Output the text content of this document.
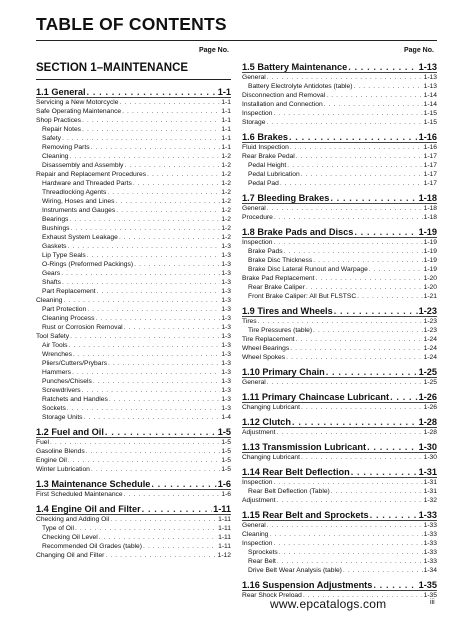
TABLE OF CONTENTS
Page No.	Page No.
SECTION 1–MAINTENANCE
1.1 General . . .	1-1
Servicing a New Motorcycle . . .	1-1
Safe Operating Maintenance . . .	1-1
Shop Practices . . .	1-1
Repair Notes . . .	1-1
Safety . . .	1-1
Removing Parts . . .	1-1
Cleaning . . .	1-2
Disassembly and Assembly . . .	1-2
Repair and Replacement Procedures . . .	1-2
Hardware and Threaded Parts . . .	1-2
Threadlocking Agents . . .	1-2
Wiring, Hoses and Lines . . .	1-2
Instruments and Gauges . . .	1-2
Bearings . . .	1-2
Bushings . . .	1-2
Exhaust System Leakage . . .	1-2
Gaskets . . .	1-3
Lip Type Seals . . .	1-3
O-Rings (Preformed Packings) . . .	1-3
Gears . . .	1-3
Shafts . . .	1-3
Part Replacement . . .	1-3
Cleaning . . .	1-3
Part Protection . . .	1-3
Cleaning Process . . .	1-3
Rust or Corrosion Removal . . .	1-3
Tool Safety . . .	1-3
Air Tools . . .	1-3
Wrenches . . .	1-3
Pliers/Cutters/Prybars . . .	1-3
Hammers . . .	1-3
Punches/Chisels . . .	1-3
Screwdrivers . . .	1-3
Ratchets and Handles . . .	1-3
Sockets . . .	1-3
Storage Units . . .	1-4
1.2 Fuel and Oil . . .	1-5
Fuel . . .	1-5
Gasoline Blends . . .	1-5
Engine Oil . . .	1-5
Winter Lubrication . . .	1-5
1.3 Maintenance Schedule . . .	1-6
First Scheduled Maintenance . . .	1-6
1.4 Engine Oil and Filter . . .	1-11
Checking and Adding Oil . . .	1-11
Type of Oil . . .	1-11
Checking Oil Level . . .	1-11
Recommended Oil Grades (table) . . .	1-11
Changing Oil and Filter . . .	1-12
1.5 Battery Maintenance . . .	1-13
General . . .	1-13
Battery Electrolyte Antidotes (table) . . .	1-13
Disconnection and Removal . . .	1-14
Installation and Connection . . .	1-14
Inspection . . .	1-15
Storage . . .	1-15
1.6 Brakes . . .	1-16
Fluid Inspection . . .	1-16
Rear Brake Pedal . . .	1-17
Pedal Height . . .	1-17
Pedal Lubrication . . .	1-17
Pedal Pad . . .	1-17
1.7 Bleeding Brakes . . .	1-18
General . . .	1-18
Procedure . . .	1-18
1.8 Brake Pads and Discs . . .	1-19
Inspection . . .	1-19
Brake Pads . . .	1-19
Brake Disc Thickness . . .	1-19
Brake Disc Lateral Runout and Warpage . . .	1-19
Brake Pad Replacement . . .	1-20
Rear Brake Caliper . . .	1-20
Front Brake Caliper: All But FLSTSC . . .	1-21
1.9 Tires and Wheels . . .	1-23
Tires . . .	1-23
Tire Pressures (table) . . .	1-23
Tire Replacement . . .	1-24
Wheel Bearings . . .	1-24
Wheel Spokes . . .	1-24
1.10 Primary Chain . . .	1-25
General . . .	1-25
1.11 Primary Chaincase Lubricant . . .	1-26
Changing Lubricant . . .	1-26
1.12 Clutch . . .	1-28
Adjustment . . .	1-28
1.13 Transmission Lubricant . . .	1-30
Changing Lubricant . . .	1-30
1.14 Rear Belt Deflection . . .	1-31
Inspection . . .	1-31
Rear Belt Deflection (Table) . . .	1-31
Adjustment . . .	1-32
1.15 Rear Belt and Sprockets . . .	1-33
General . . .	1-33
Cleaning . . .	1-33
Inspection . . .	1-33
Sprockets . . .	1-33
Rear Belt . . .	1-33
Drive Belt Wear Analysis (table) . . .	1-34
1.16 Suspension Adjustments . . .	1-35
Rear Shock Preload . . .	1-35
www.epcatalogs.com	iii
